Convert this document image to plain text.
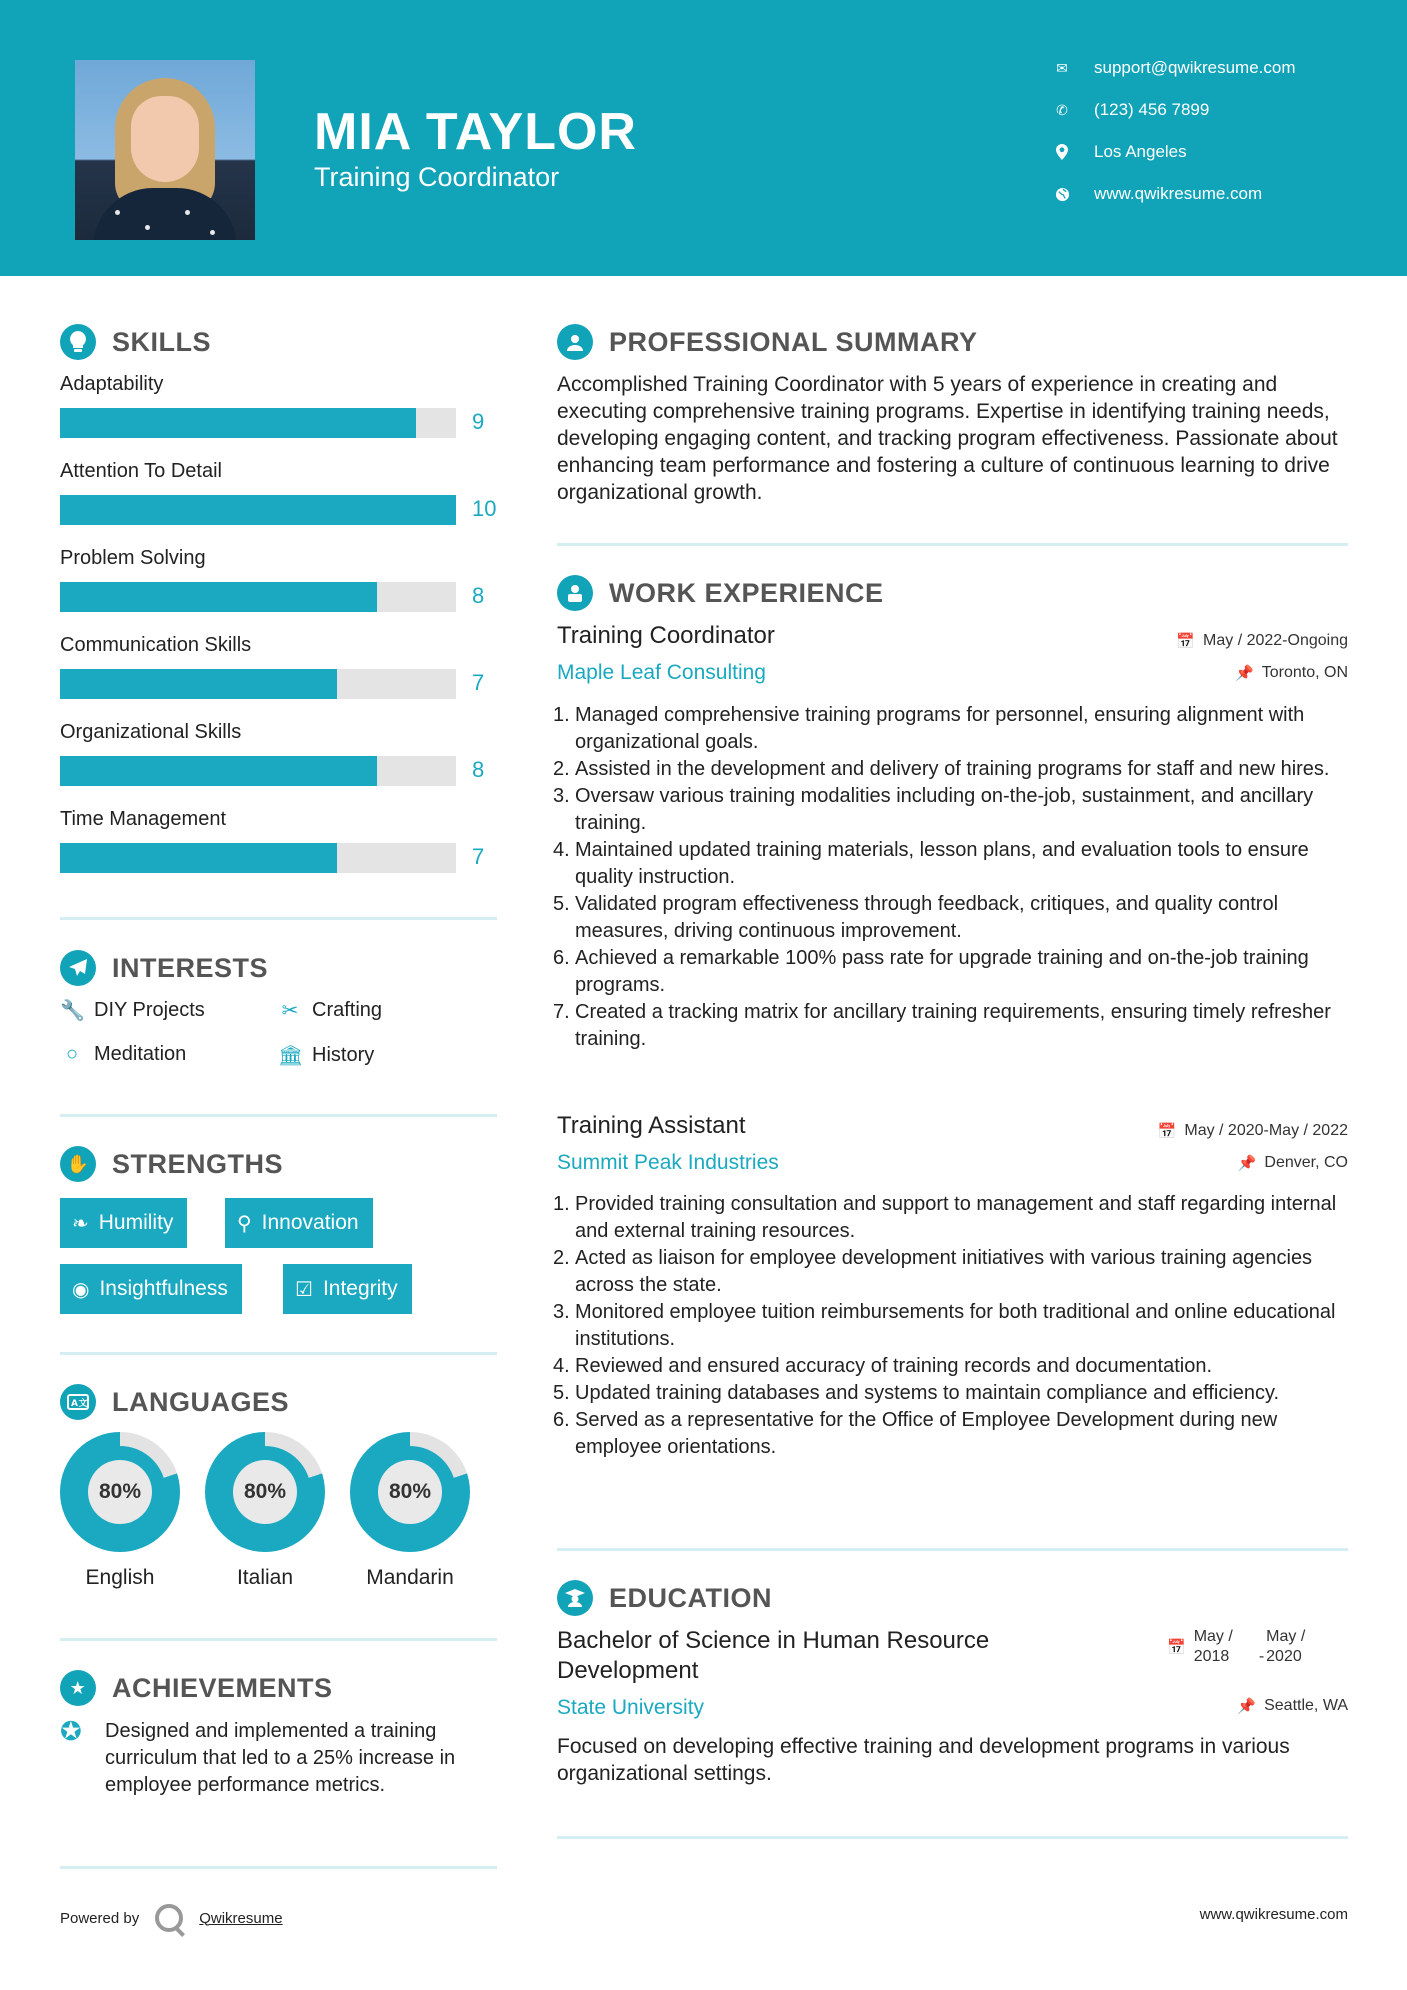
MIA TAYLOR
Training Coordinator
✉ support@qwikresume.com
✆ (123) 456 7899
Los Angeles
www.qwikresume.com
SKILLS
Adaptability
9
Attention To Detail
10
Problem Solving
8
Communication Skills
7
Organizational Skills
8
Time Management
7
INTERESTS
🔧 DIY Projects	✂ Crafting
○ Meditation	🏛 History
✋ STRENGTHS
❧ Humility	⚲ Innovation
◉ Insightfulness	☑ Integrity
A文 LANGUAGES
80%
English
80%
Italian
80%
Mandarin
★ ACHIEVEMENTS
✪	Designed and implemented a training curriculum that led to a 25% increase in employee performance metrics.
PROFESSIONAL SUMMARY
Accomplished Training Coordinator with 5 years of experience in creating and executing comprehensive training programs. Expertise in identifying training needs, developing engaging content, and tracking program effectiveness. Passionate about enhancing team performance and fostering a culture of continuous learning to drive organizational growth.
WORK EXPERIENCE
Training Coordinator	📅 May / 2022-Ongoing
Maple Leaf Consulting	📌 Toronto, ON
1. Managed comprehensive training programs for personnel, ensuring alignment with organizational goals.
2. Assisted in the development and delivery of training programs for staff and new hires.
3. Oversaw various training modalities including on-the-job, sustainment, and ancillary training.
4. Maintained updated training materials, lesson plans, and evaluation tools to ensure quality instruction.
5. Validated program effectiveness through feedback, critiques, and quality control measures, driving continuous improvement.
6. Achieved a remarkable 100% pass rate for upgrade training and on-the-job training programs.
7. Created a tracking matrix for ancillary training requirements, ensuring timely refresher training.
Training Assistant	📅 May / 2020-May / 2022
Summit Peak Industries	📌 Denver, CO
1. Provided training consultation and support to management and staff regarding internal and external training resources.
2. Acted as liaison for employee development initiatives with various training agencies across the state.
3. Monitored employee tuition reimbursements for both traditional and online educational institutions.
4. Reviewed and ensured accuracy of training records and documentation.
5. Updated training databases and systems to maintain compliance and efficiency.
6. Served as a representative for the Office of Employee Development during new employee orientations.
EDUCATION
Bachelor of Science in Human Resource
Development
📅
May /
2018 -
May /
2020
State University	📌 Seattle, WA
Focused on developing effective training and development programs in various organizational settings.
Powered by	Qwikresume	www.qwikresume.com
